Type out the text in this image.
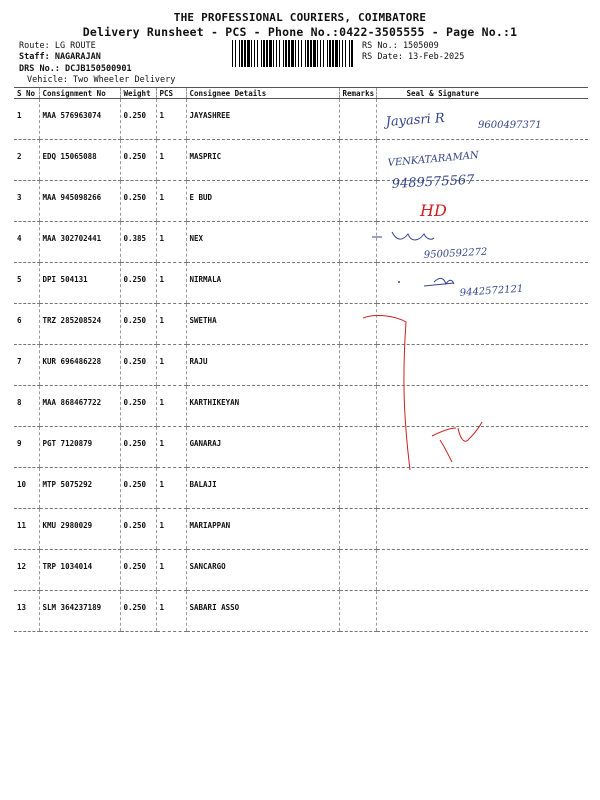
THE PROFESSIONAL COURIERS, COIMBATORE
Delivery Runsheet - PCS - Phone No.:0422-3505555 - Page No.:1
Route: LG ROUTE
Staff: NAGARAJAN
DRS No.: DCJB150500901
Vehicle: Two Wheeler Delivery
RS No.: 1505009
RS Date: 13-Feb-2025
S No	Consignment No	Weight	PCS	Consignee Details	Remarks	Seal & Signature
1	MAA 576963074	0.250	1	JAYASHREE		
2	EDQ 15065088	0.250	1	MASPRIC		
3	MAA 945098266	0.250	1	E BUD		
4	MAA 302702441	0.385	1	NEX		
5	DPI 504131	0.250	1	NIRMALA		
6	TRZ 285208524	0.250	1	SWETHA		
7	KUR 696486228	0.250	1	RAJU		
8	MAA 868467722	0.250	1	KARTHIKEYAN		
9	PGT 7120879	0.250	1	GANARAJ		
10	MTP 5075292	0.250	1	BALAJI		
11	KMU 2980029	0.250	1	MARIAPPAN		
12	TRP 1034014	0.250	1	SANCARGO		
13	SLM 364237189	0.250	1	SABARI ASSO		
Jayasri R	9600497371
VENKATARAMAN
9489575567
HD
9500592272
9442572121
